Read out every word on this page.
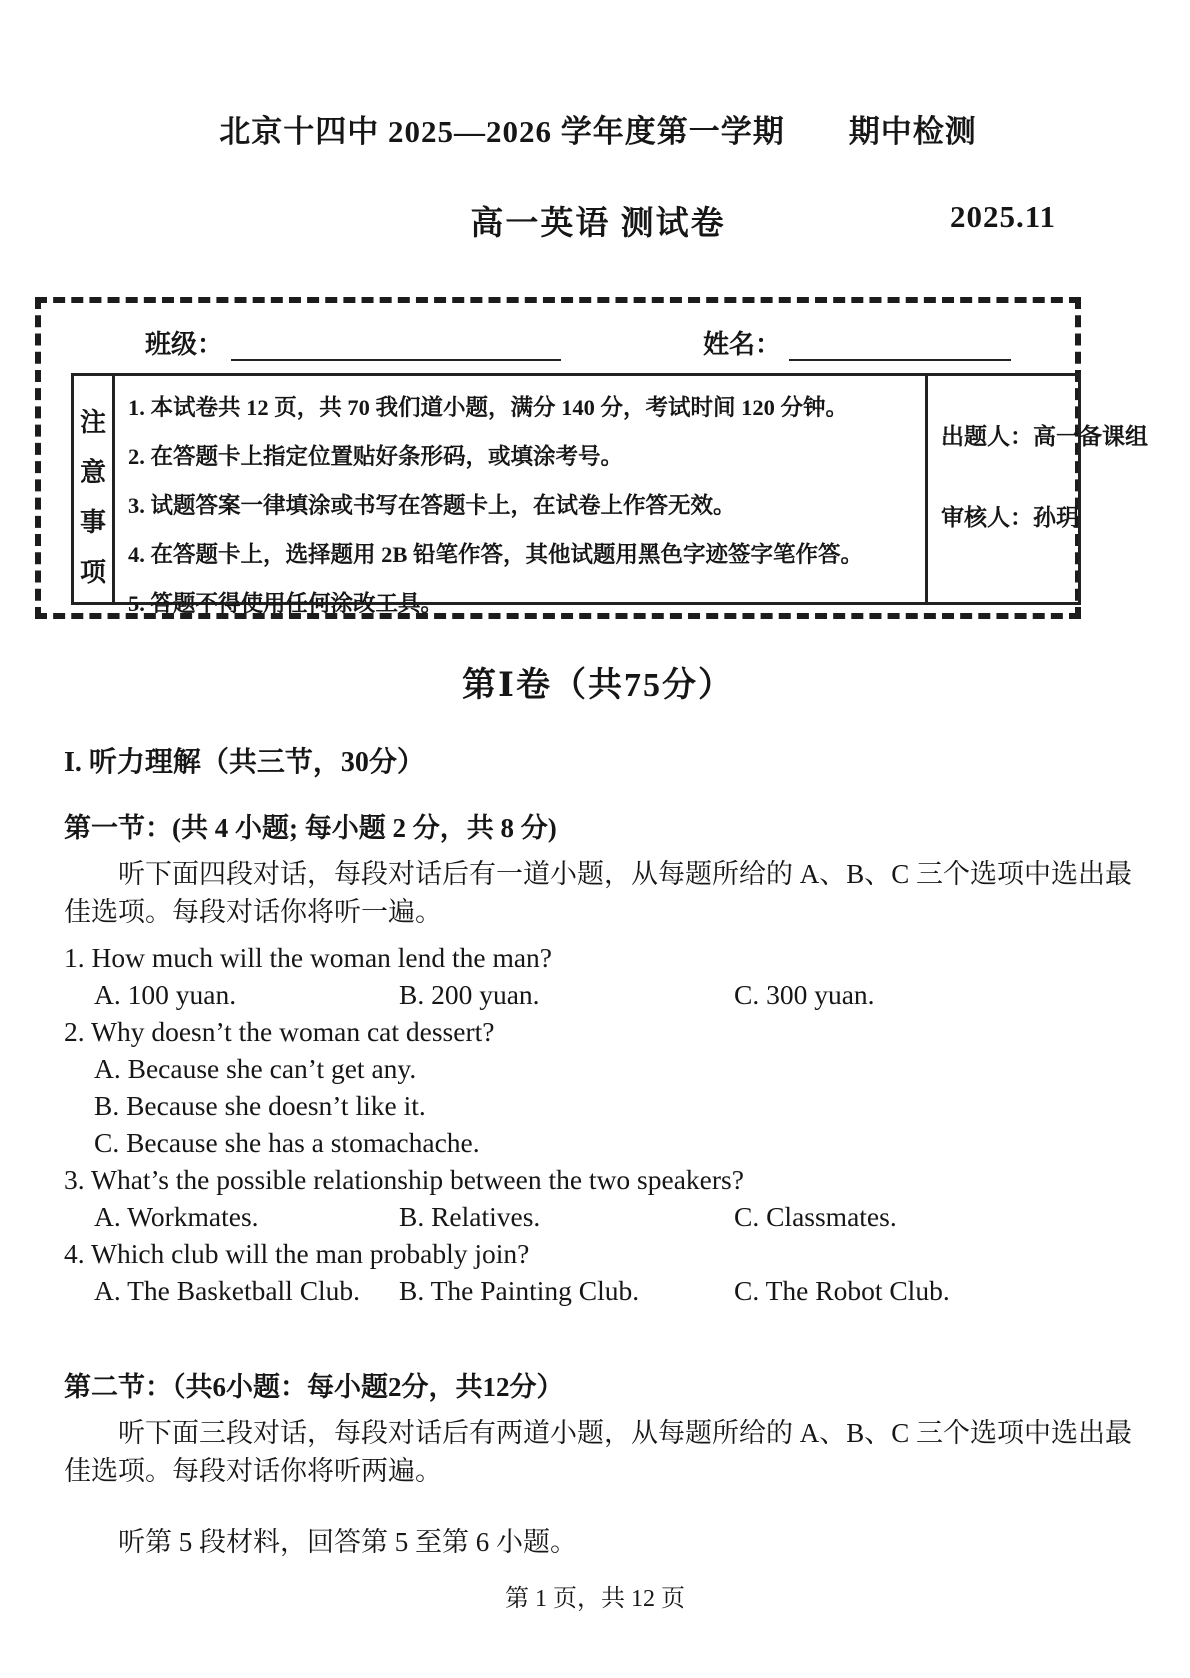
北京十四中 2025—2026 学年度第一学期　　期中检测
高一英语 测试卷	2025.11
班级：	姓名：
注
意
事
项
1. 本试卷共 12 页，共 70 我们道小题，满分 140 分，考试时间 120 分钟。
2. 在答题卡上指定位置贴好条形码，或填涂考号。
3. 试题答案一律填涂或书写在答题卡上，在试卷上作答无效。
4. 在答题卡上，选择题用 2B 铅笔作答，其他试题用黑色字迹签字笔作答。
5. 答题不得使用任何涂改工具。
出题人：高一备课组
审核人：孙玥
第Ⅰ卷（共75分）
I. 听力理解（共三节，30分）
第一节：(共 4 小题; 每小题 2 分，共 8 分)

听下面四段对话，每段对话后有一道小题，从每题所给的 A、B、C 三个选项中选出最佳选项。每段对话你将听一遍。

1. How much will the woman lend the man?
A. 100 yuan.	B. 200 yuan.	C. 300 yuan.
2. Why doesn’t the woman cat dessert?
A. Because she can’t get any.
B. Because she doesn’t like it.
C. Because she has a stomachache.
3. What’s the possible relationship between the two speakers?
A. Workmates.	B. Relatives.	C. Classmates.
4. Which club will the man probably join?
A. The Basketball Club.	B. The Painting Club.	C. The Robot Club.
第二节：（共6小题：每小题2分，共12分）

听下面三段对话，每段对话后有两道小题，从每题所给的 A、B、C 三个选项中选出最佳选项。每段对话你将听两遍。

听第 5 段材料，回答第 5 至第 6 小题。

第 1 页，共 12 页
